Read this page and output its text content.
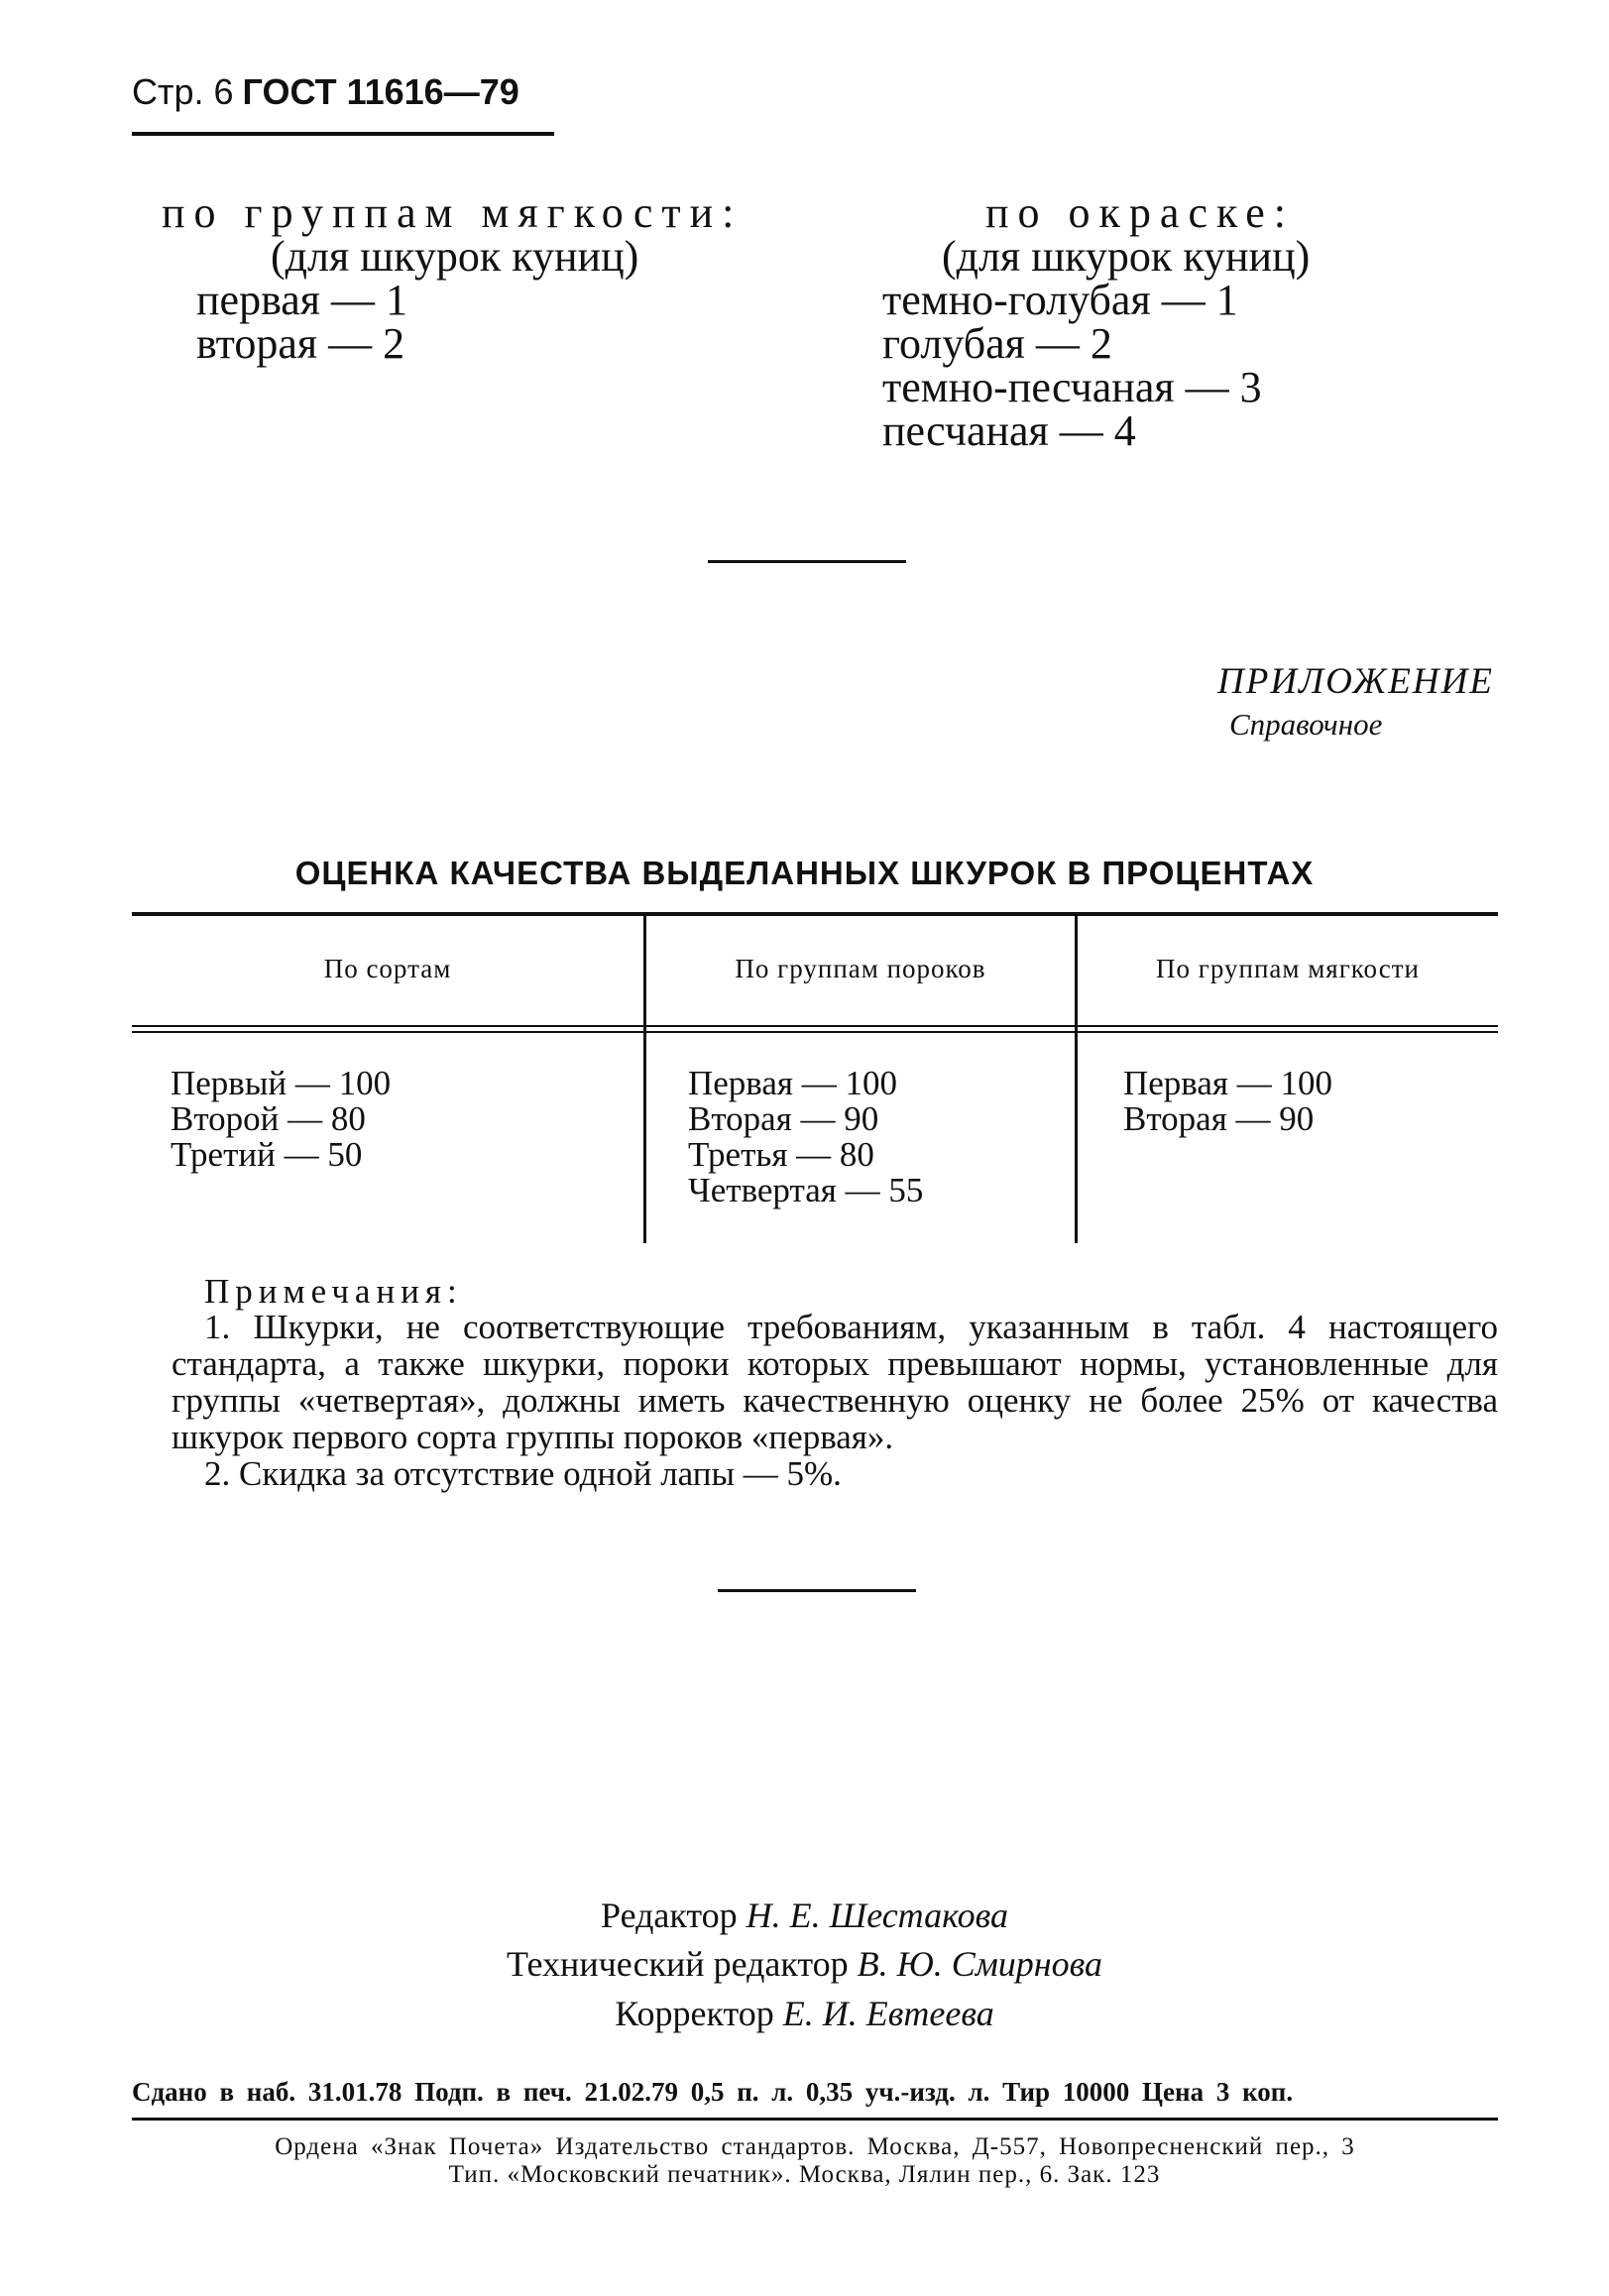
Стр. 6 ГОСТ 11616—79
по группам мягкости:
(для шкурок куниц)
первая — 1
вторая — 2
по окраске:
(для шкурок куниц)
темно-голубая — 1
голубая — 2
темно-песчаная — 3
песчаная — 4
ПРИЛОЖЕНИЕ
Справочное
ОЦЕНКА КАЧЕСТВА ВЫДЕЛАННЫХ ШКУРОК В ПРОЦЕНТАХ
По сортам	По группам пороков	По группам мягкости
Первый — 100
Второй — 80
Третий — 50
Первая — 100
Вторая — 90
Третья — 80
Четвертая — 55
Первая — 100
Вторая — 90
Примечания:

1. Шкурки, не соответствующие требованиям, указанным в табл. 4 настоящего стандарта, а также шкурки, пороки которых превышают нормы, установленные для группы «четвертая», должны иметь качественную оценку не более 25% от качества шкурок первого сорта группы пороков «первая».

2. Скидка за отсутствие одной лапы — 5%.

Редактор Н. Е. Шестакова
Технический редактор В. Ю. Смирнова
Корректор Е. И. Евтеева
Сдано в наб. 31.01.78 Подп. в печ. 21.02.79 0,5 п. л. 0,35 уч.-изд. л. Тир 10000 Цена 3 коп.
Ордена «Знак Почета» Издательство стандартов. Москва, Д-557, Новопресненский пер., 3
Тип. «Московский печатник». Москва, Лялин пер., 6. Зак. 123
